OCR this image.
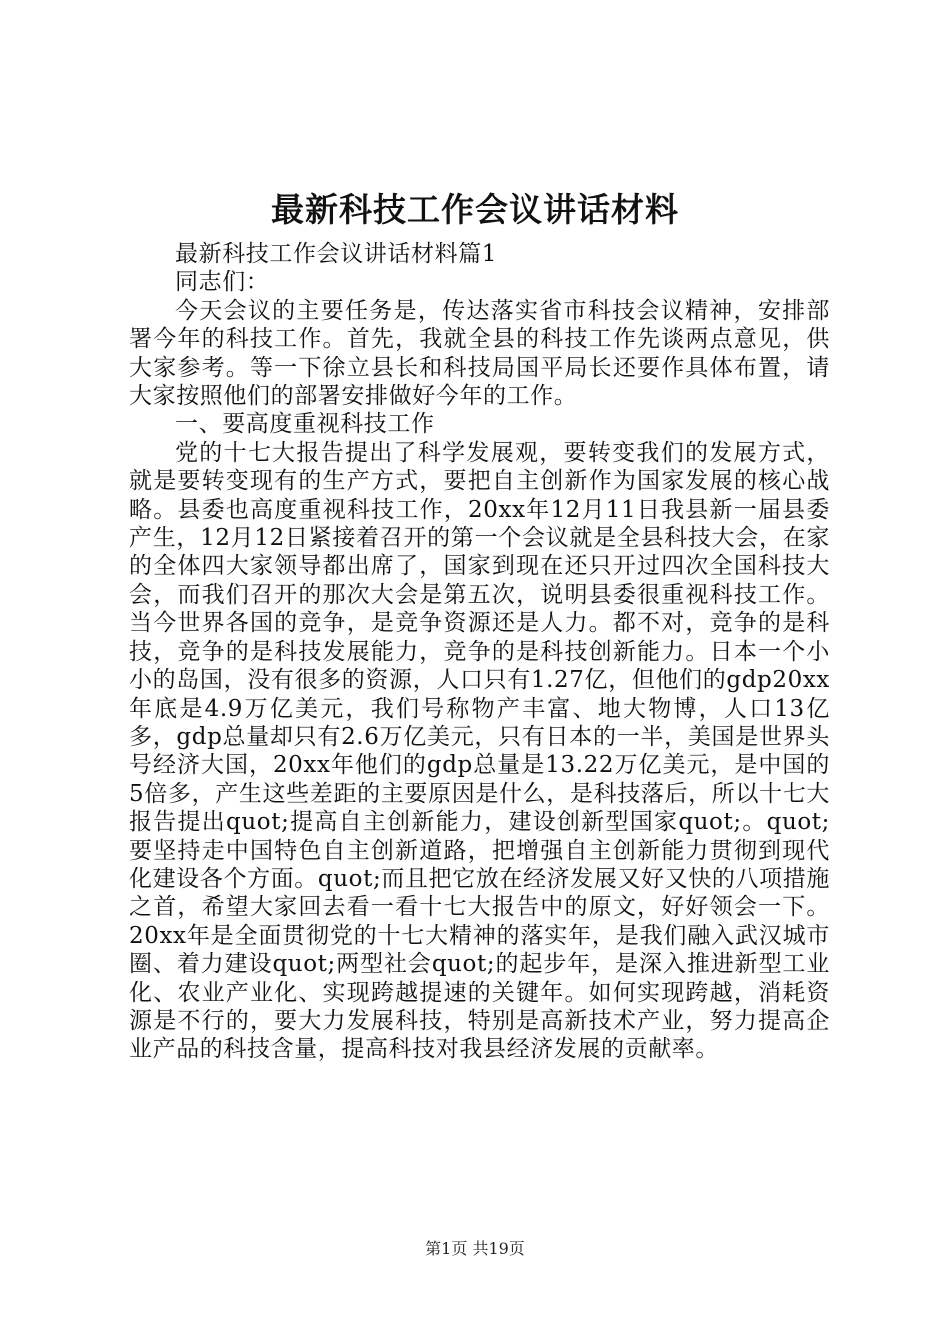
最新科技工作会议讲话材料

最新科技工作会议讲话材料篇1

同志们：

今天会议的主要任务是，传达落实省市科技会议精神，安排部署今年的科技工作。首先，我就全县的科技工作先谈两点意见，供大家参考。等一下徐立县长和科技局国平局长还要作具体布置，请大家按照他们的部署安排做好今年的工作。

一、要高度重视科技工作

党的十七大报告提出了科学发展观，要转变我们的发展方式，就是要转变现有的生产方式，要把自主创新作为国家发展的核心战略。县委也高度重视科技工作，20xx年12月11日我县新一届县委产生，12月12日紧接着召开的第一个会议就是全县科技大会，在家的全体四大家领导都出席了，国家到现在还只开过四次全国科技大会，而我们召开的那次大会是第五次，说明县委很重视科技工作。当今世界各国的竞争，是竞争资源还是人力。都不对，竞争的是科技，竞争的是科技发展能力，竞争的是科技创新能力。日本一个小小的岛国，没有很多的资源，人口只有1.27亿，但他们的gdp20xx年底是4.9万亿美元，我们号称物产丰富、地大物博，人口13亿多，gdp总量却只有2.6万亿美元，只有日本的一半，美国是世界头号经济大国，20xx年他们的gdp总量是13.22万亿美元，是中国的5倍多，产生这些差距的主要原因是什么，是科技落后，所以十七大报告提出quot;提高自主创新能力，建设创新型国家quot;。quot;要坚持走中国特色自主创新道路，把增强自主创新能力贯彻到现代化建设各个方面。quot;而且把它放在经济发展又好又快的八项措施之首，希望大家回去看一看十七大报告中的原文，好好领会一下。20xx年是全面贯彻党的十七大精神的落实年，是我们融入武汉城市圈、着力建设quot;两型社会quot;的起步年，是深入推进新型工业化、农业产业化、实现跨越提速的关键年。如何实现跨越，消耗资源是不行的，要大力发展科技，特别是高新技术产业，努力提高企业产品的科技含量，提高科技对我县经济发展的贡献率。

第1页 共19页
